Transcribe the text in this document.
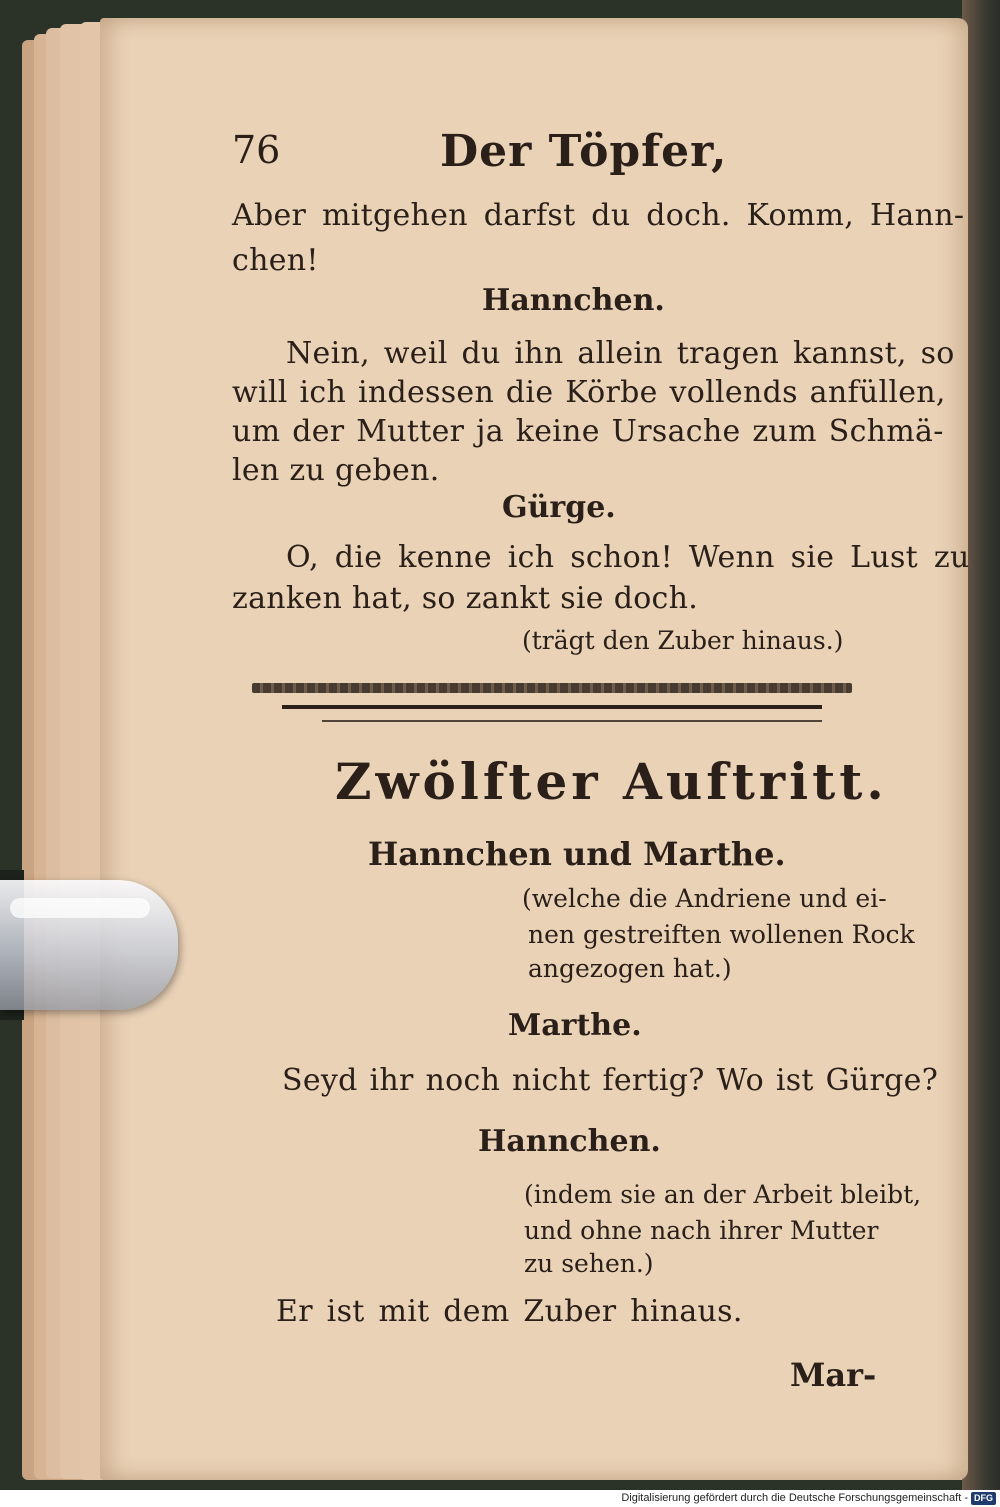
76	Der Töpfer,
Aber mitgehen darfst du doch. Komm, Hann-
chen!
Hannchen.
Nein, weil du ihn allein tragen kannst, so
will ich indessen die Körbe vollends anfüllen,
um der Mutter ja keine Ursache zum Schmä-
len zu geben.
Gürge.
O, die kenne ich schon! Wenn sie Lust zu
zanken hat, so zankt sie doch.
(trägt den Zuber hinaus.)
Zwölfter Auftritt.
Hannchen und Marthe.
(welche die Andriene und ei-
nen gestreiften wollenen Rock
angezogen hat.)
Marthe.
Seyd ihr noch nicht fertig? Wo ist Gürge?
Hannchen.
(indem sie an der Arbeit bleibt,
und ohne nach ihrer Mutter
zu sehen.)
Er ist mit dem Zuber hinaus.
Mar-
Digitalisierung gefördert durch die Deutsche Forschungsgemeinschaft - DFG
